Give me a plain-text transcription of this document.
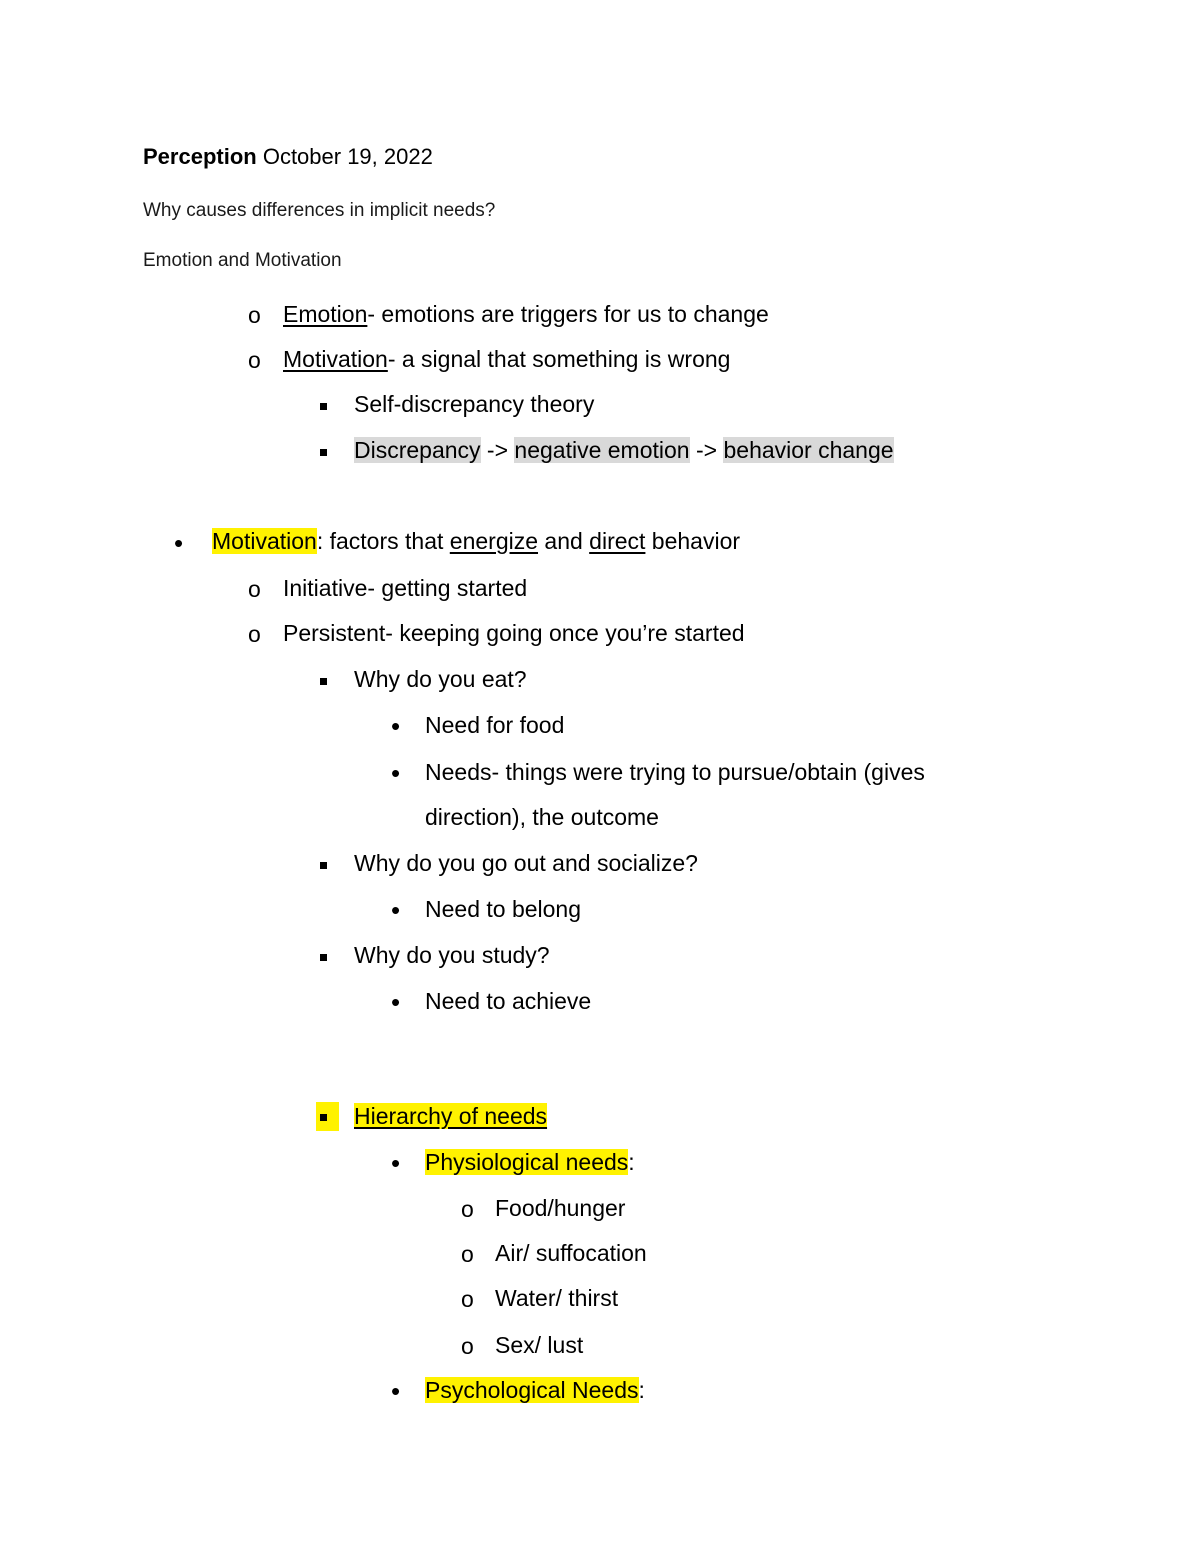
Perception October 19, 2022
Why causes differences in implicit needs?
Emotion and Motivation
o Emotion- emotions are triggers for us to change
o Motivation- a signal that something is wrong
Self-discrepancy theory
Discrepancy -> negative emotion -> behavior change
• Motivation: factors that energize and direct behavior
o Initiative- getting started
o Persistent- keeping going once you’re started
Why do you eat?
• Need for food
• Needs- things were trying to pursue/obtain (gives
direction), the outcome
Why do you go out and socialize?
• Need to belong
Why do you study?
• Need to achieve
Hierarchy of needs
• Physiological needs:
o Food/hunger
o Air/ suffocation
o Water/ thirst
o Sex/ lust
• Psychological Needs:
